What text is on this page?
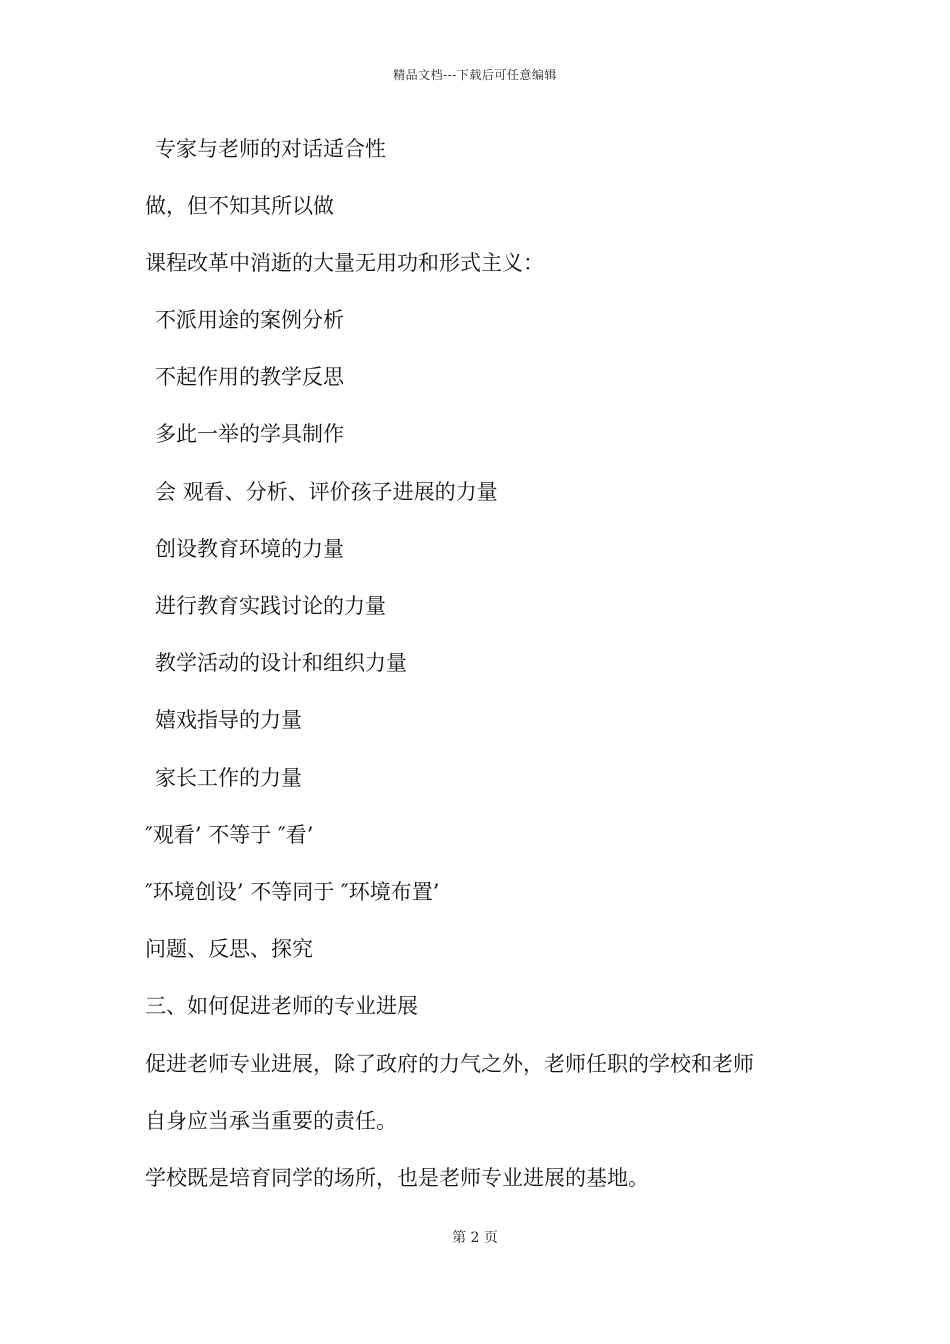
精品文档---下载后可任意编辑
专家与老师的对话适合性
做，但不知其所以做
课程改革中消逝的大量无用功和形式主义：
不派用途的案例分析
不起作用的教学反思
多此一举的学具制作
会 观看、分析、评价孩子进展的力量
创设教育环境的力量
进行教育实践讨论的力量
教学活动的设计和组织力量
嬉戏指导的力量
家长工作的力量
″观看’ 不等于 ″看’
″环境创设’ 不等同于 ″环境布置’
问题、反思、探究
三、如何促进老师的专业进展
促进老师专业进展，除了政府的力气之外，老师任职的学校和老师
自身应当承当重要的责任。
学校既是培育同学的场所，也是老师专业进展的基地。
第 2 页
